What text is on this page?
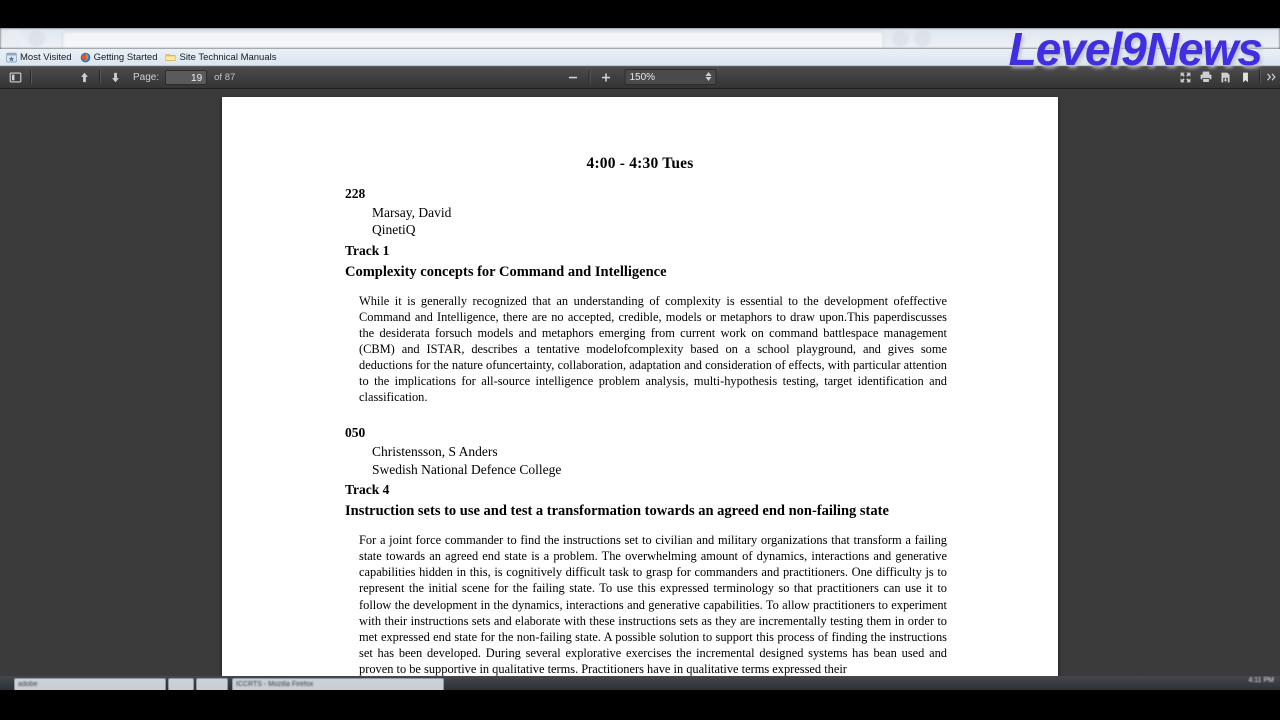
Most Visited Getting Started Site Technical Manuals
Page:	19	of 87	150%
4:00 - 4:30 Tues
228
Marsay, David
QinetiQ
Track 1
Complexity concepts for Command and Intelligence
While it is generally recognized that an understanding of complexity is essential to the development ofeffective Command and Intelligence, there are no accepted, credible, models or metaphors to draw upon.This paperdiscusses the desiderata forsuch models and metaphors emerging from current work on command battlespace management (CBM) and ISTAR, describes a tentative modelofcomplexity based on a school playground, and gives some deductions for the nature ofuncertainty, collaboration, adaptation and consideration of effects, with particular attention to the implications for all-source intelligence problem analysis, multi-hypothesis testing, target identification and classification.
050
Christensson, S Anders
Swedish National Defence College
Track 4
Instruction sets to use and test a transformation towards an agreed end non-failing state
For a joint force commander to find the instructions set to civilian and military organizations that transform a failing state towards an agreed end state is a problem. The overwhelming amount of dynamics, interactions and generative capabilities hidden in this, is cognitively difficult task to grasp for commanders and practitioners. One difficulty js to represent the initial scene for the failing state. To use this expressed terminology so that practitioners can use it to follow the development in the dynamics, interactions and generative capabilities. To allow practitioners to experiment with their instructions sets and elaborate with these instructions sets as they are incrementally testing them in order to met expressed end state for the non-failing state. A possible solution to support this process of finding the instructions set has been developed. During several explorative exercises the incremental designed systems has bean used and proven to be supportive in qualitative terms. Practitioners have in qualitative terms expressed their
adobe	ICCRTS - Mozilla Firefox
4:11 PM
Level9News
